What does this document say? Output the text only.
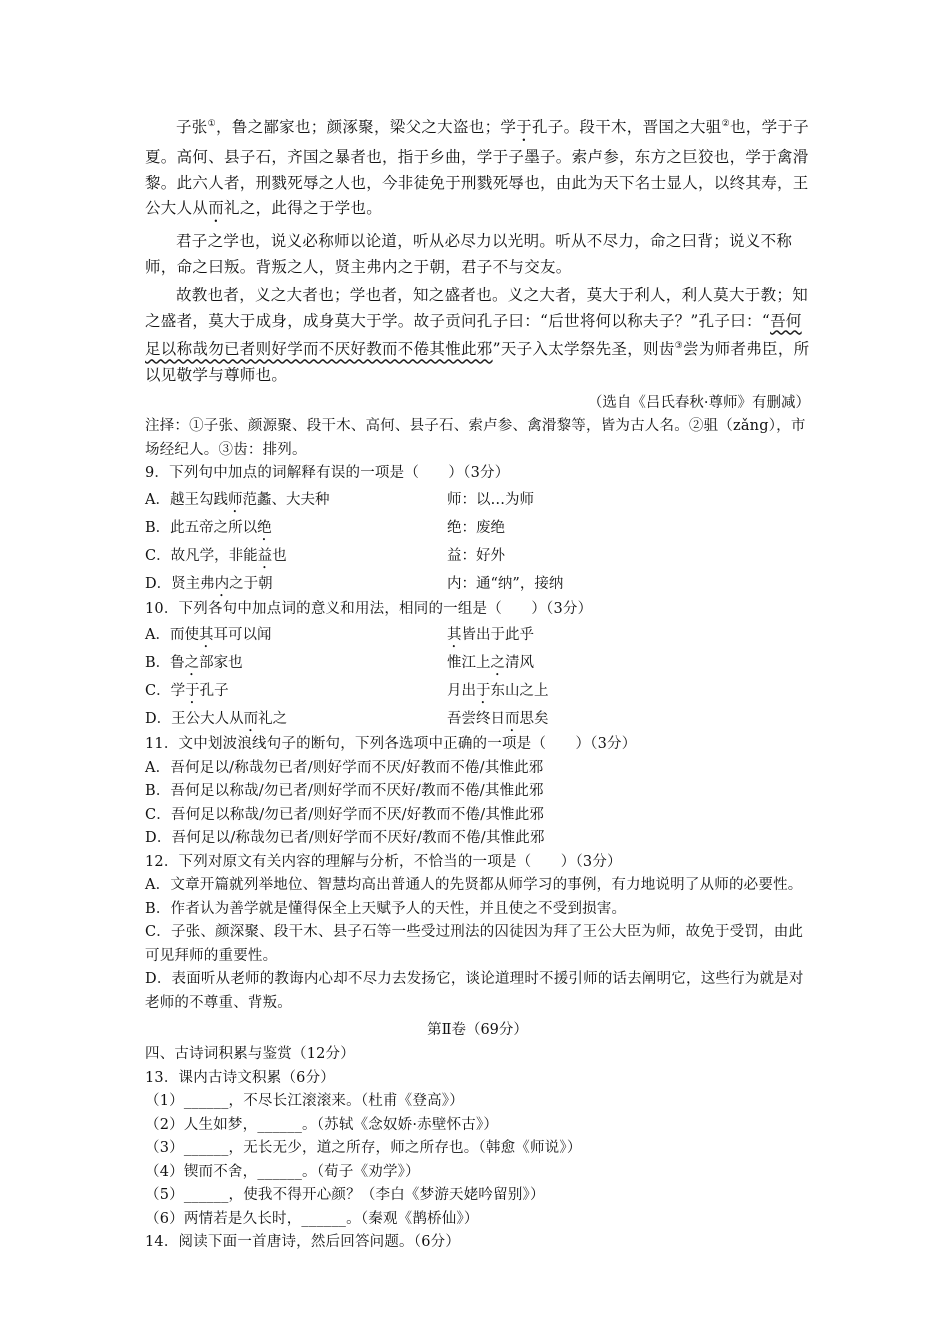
子张①，鲁之鄙家也；颜涿聚，梁父之大盗也；学于孔子。段干木，晋国之大驵②也，学于子夏。高何、县子石，齐国之暴者也，指于乡曲，学于子墨子。索卢参，东方之巨狡也，学于禽滑黎。此六人者，刑戮死辱之人也，今非徒免于刑戮死辱也，由此为天下名士显人，以终其寿，王公大人从而礼之，此得之于学也。

君子之学也，说义必称师以论道，听从必尽力以光明。听从不尽力，命之曰背；说义不称师，命之曰叛。背叛之人，贤主弗内之于朝，君子不与交友。

故教也者，义之大者也；学也者，知之盛者也。义之大者，莫大于利人，利人莫大于教；知之盛者，莫大于成身，成身莫大于学。故子贡问孔子曰：“后世将何以称夫子？”孔子曰：“吾何足以称哉勿已者则好学而不厌好教而不倦其惟此邪”天子入太学祭先圣，则齿③尝为师者弗臣，所以见敬学与尊师也。

（选自《吕氏春秋·尊师》有删减）

注择：①子张、颜源聚、段干木、高何、县子石、索卢参、禽滑黎等，皆为古人名。②驵（zǎng），市场经纪人。③齿：排列。

9．下列句中加点的词解释有误的一项是（　　）（3分）

A．越王勾践师范蠡、大夫种	师：以…为师
B．此五帝之所以绝	绝：废绝
C．故凡学，非能益也	益：好外
D．贤主弗内之于朝	内：通“纳”，接纳

10．下列各句中加点词的意义和用法，相同的一组是（　　）（3分）

A．而使其耳可以闻	其皆出于此乎
B．鲁之部家也	惟江上之清风
C．学于孔子	月出于东山之上
D．王公大人从而礼之	吾尝终日而思矣

11．文中划波浪线句子的断句，下列各选项中正确的一项是（　　）（3分）

A．吾何足以/称哉勿已者/则好学而不厌/好教而不倦/其惟此邪

B．吾何足以称哉/勿已者/则好学而不厌好/教而不倦/其惟此邪

C．吾何足以称哉/勿已者/则好学而不厌/好教而不倦/其惟此邪

D．吾何足以/称哉勿已者/则好学而不厌好/教而不倦/其惟此邪

12．下列对原文有关内容的理解与分析，不恰当的一项是（　　）（3分）

A．文章开篇就列举地位、智慧均高出普通人的先贤都从师学习的事例，有力地说明了从师的必要性。

B．作者认为善学就是懂得保全上天赋予人的天性，并且使之不受到损害。

C．子张、颜深聚、段干木、县子石等一些受过刑法的囚徒因为拜了王公大臣为师，故免于受罚，由此可见拜师的重要性。

D．表面听从老师的教诲内心却不尽力去发扬它，谈论道理时不援引师的话去阐明它，这些行为就是对老师的不尊重、背叛。

第Ⅱ卷（69分）

四、古诗词积累与鉴赏（12分）

13．课内古诗文积累（6分）

（1）______，不尽长江滚滚来。（杜甫《登高》）

（2）人生如梦，______。（苏轼《念奴娇·赤壁怀古》）

（3）______，无长无少，道之所存，师之所存也。（韩愈《师说》）

（4）锲而不舍，______。（荀子《劝学》）

（5）______，使我不得开心颜？（李白《梦游天姥吟留别》）

（6）两情若是久长时，______。（秦观《鹊桥仙》）

14．阅读下面一首唐诗，然后回答问题。（6分）
